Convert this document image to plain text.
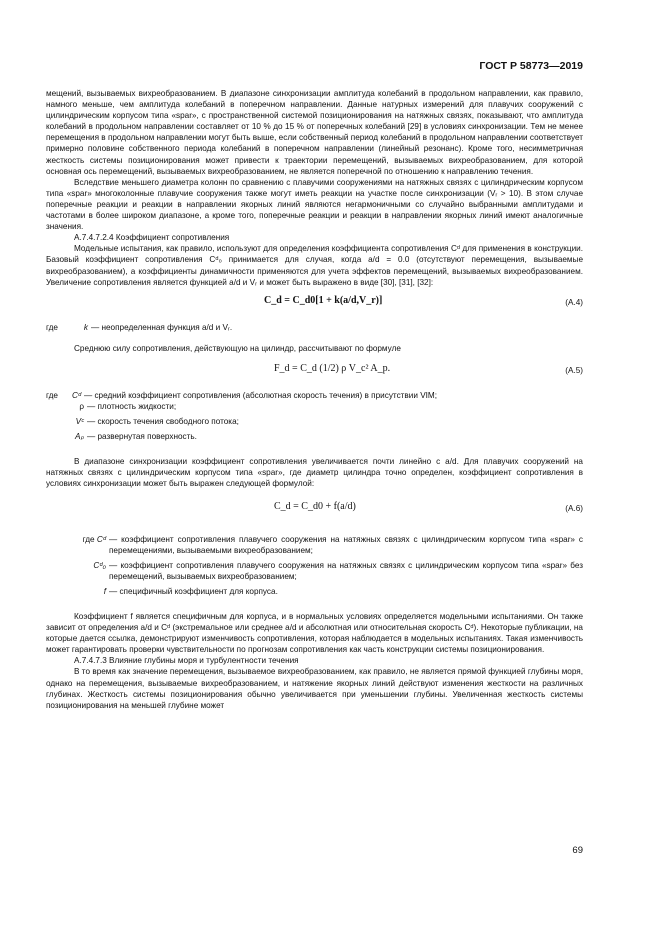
ГОСТ Р 58773—2019

мещений, вызываемых вихреобразованием. В диапазоне синхронизации амплитуда колебаний в продольном направлении, как правило, намного меньше, чем амплитуда колебаний в поперечном направлении. Данные натурных измерений для плавучих сооружений с цилиндрическим корпусом типа «spar», с пространственной системой позиционирования на натяжных связях, показывают, что амплитуда колебаний в продольном направлении составляет от 10 % до 15 % от поперечных колебаний [29] в условиях синхронизации. Тем не менее перемещения в продольном направлении могут быть выше, если собственный период колебаний в продольном направлении соответствует примерно половине собственного периода колебаний в поперечном направлении (линейный резонанс). Кроме того, несимметричная жесткость системы позиционирования может привести к траектории перемещений, вызываемых вихреобразованием, для которой основная ось перемещений, вызываемых вихреобразованием, не является поперечной по отношению к направлению течения.

Вследствие меньшего диаметра колонн по сравнению с плавучими сооружениями на натяжных связях с цилиндрическим корпусом типа «spar» многоколонные плавучие сооружения также могут иметь реакции на участке после синхронизации (Vᵣ > 10). В этом случае поперечные реакции и реакции в направлении якорных линий являются негармоничными со случайно выбранными амплитудами и частотами в более широком диапазоне, а кроме того, поперечные реакции и реакции в направлении якорных линий имеют аналогичные значения.

А.7.4.7.2.4 Коэффициент сопротивления

Модельные испытания, как правило, используют для определения коэффициента сопротивления Cᵈ для применения в конструкции. Базовый коэффициент сопротивления Cᵈ₀ принимается для случая, когда a/d = 0.0 (отсутствуют перемещения, вызываемые вихреобразованием), а коэффициенты динамичности применяются для учета эффектов перемещений, вызываемых вихреобразованием. Увеличение сопротивления является функцией a/d и Vᵣ и может быть выражено в виде [30], [31], [32]:

C_d = C_d0[1 + k(a/d,V_r)]	(А.4)
где	k — неопределенная функция a/d и Vᵣ.

Среднюю силу сопротивления, действующую на цилиндр, рассчитывают по формуле

F_d = C_d (1/2) ρ V_c² A_p.	(А.5)
где	Cᵈ — средний коэффициент сопротивления (абсолютная скорость течения) в присутствии VIM;
ρ — плотность жидкости;
Vᶜ — скорость течения свободного потока;
Aₚ — развернутая поверхность.

В диапазоне синхронизации коэффициент сопротивления увеличивается почти линейно с a/d. Для плавучих сооружений на натяжных связях с цилиндрическим корпусом типа «spar», где диаметр цилиндра точно определен, коэффициент сопротивления в условиях синхронизации может быть выражен следующей формулой:

C_d = C_d0 + f(a/d)	(А.6)
где Cᵈ — коэффициент сопротивления плавучего сооружения на натяжных связях с цилиндрическим корпусом типа «spar» с перемещениями, вызываемыми вихреобразованием;
Cᵈ₀ — коэффициент сопротивления плавучего сооружения на натяжных связях с цилиндрическим корпусом типа «spar» без перемещений, вызываемых вихреобразованием;
f — специфичный коэффициент для корпуса.

Коэффициент f является специфичным для корпуса, и в нормальных условиях определяется модельными испытаниями. Он также зависит от определения a/d и Cᵈ (экстремальное или среднее a/d и абсолютная или относительная скорость Cᵈ). Некоторые публикации, на которые дается ссылка, демонстрируют изменчивость сопротивления, которая наблюдается в модельных испытаниях. Такая изменчивость может гарантировать проверки чувствительности по прогнозам сопротивления как часть конструкции системы позиционирования.

А.7.4.7.3 Влияние глубины моря и турбулентности течения

В то время как значение перемещения, вызываемое вихреобразованием, как правило, не является прямой функцией глубины моря, однако на перемещения, вызываемые вихреобразованием, и натяжение якорных линий действуют изменения жесткости на различных глубинах. Жесткость системы позиционирования обычно увеличивается при уменьшении глубины. Увеличенная жесткость системы позиционирования на меньшей глубине может

69
